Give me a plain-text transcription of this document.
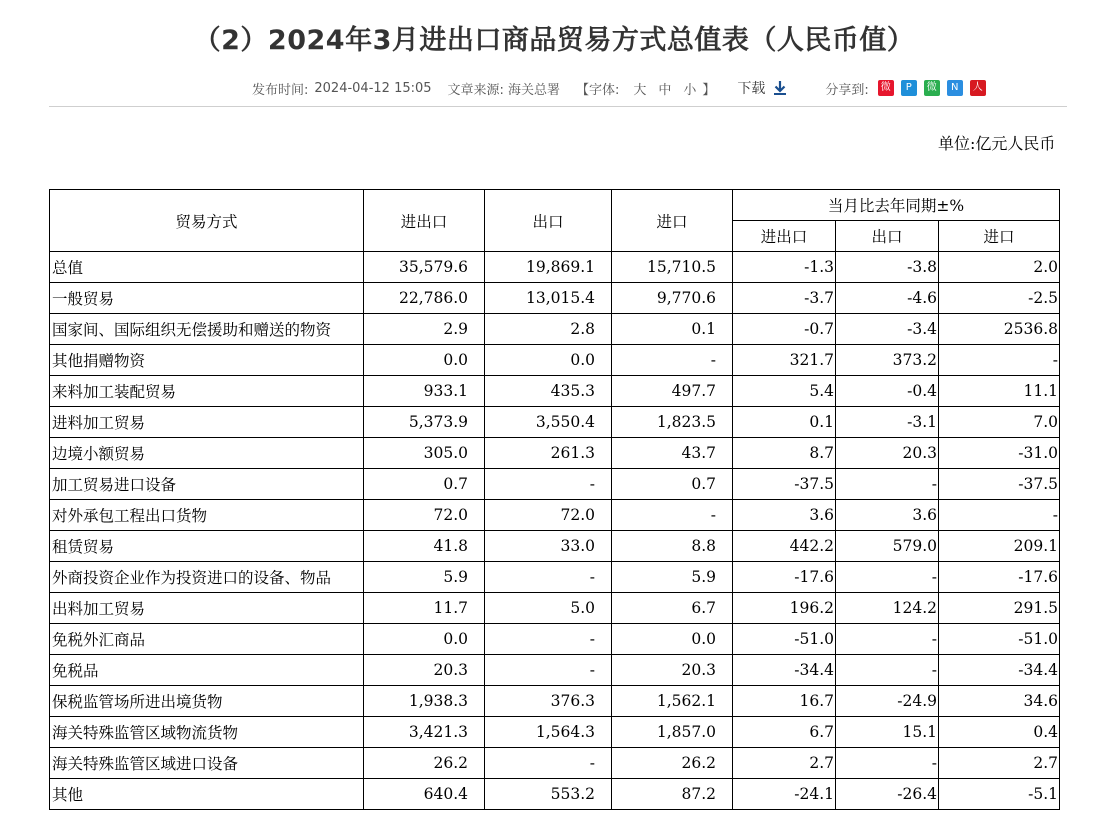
（2）2024年3月进出口商品贸易方式总值表（人民币值）
发布时间: 2024-04-12 15:05 文章来源: 海关总署 【字体: 大 中 小 】 下载	分享到:	微	P	微	N	人
单位:亿元人民币
贸易方式	进出口	出口	进口	当月比去年同期±%		
				进出口	出口	进口
总值	35,579.6	19,869.1	15,710.5	-1.3	-3.8	2.0
一般贸易	22,786.0	13,015.4	9,770.6	-3.7	-4.6	-2.5
国家间、国际组织无偿援助和赠送的物资	2.9	2.8	0.1	-0.7	-3.4	2536.8
其他捐赠物资	0.0	0.0	-	321.7	373.2	-
来料加工装配贸易	933.1	435.3	497.7	5.4	-0.4	11.1
进料加工贸易	5,373.9	3,550.4	1,823.5	0.1	-3.1	7.0
边境小额贸易	305.0	261.3	43.7	8.7	20.3	-31.0
加工贸易进口设备	0.7	-	0.7	-37.5	-	-37.5
对外承包工程出口货物	72.0	72.0	-	3.6	3.6	-
租赁贸易	41.8	33.0	8.8	442.2	579.0	209.1
外商投资企业作为投资进口的设备、物品	5.9	-	5.9	-17.6	-	-17.6
出料加工贸易	11.7	5.0	6.7	196.2	124.2	291.5
免税外汇商品	0.0	-	0.0	-51.0	-	-51.0
免税品	20.3	-	20.3	-34.4	-	-34.4
保税监管场所进出境货物	1,938.3	376.3	1,562.1	16.7	-24.9	34.6
海关特殊监管区域物流货物	3,421.3	1,564.3	1,857.0	6.7	15.1	0.4
海关特殊监管区域进口设备	26.2	-	26.2	2.7	-	2.7
其他	640.4	553.2	87.2	-24.1	-26.4	-5.1
